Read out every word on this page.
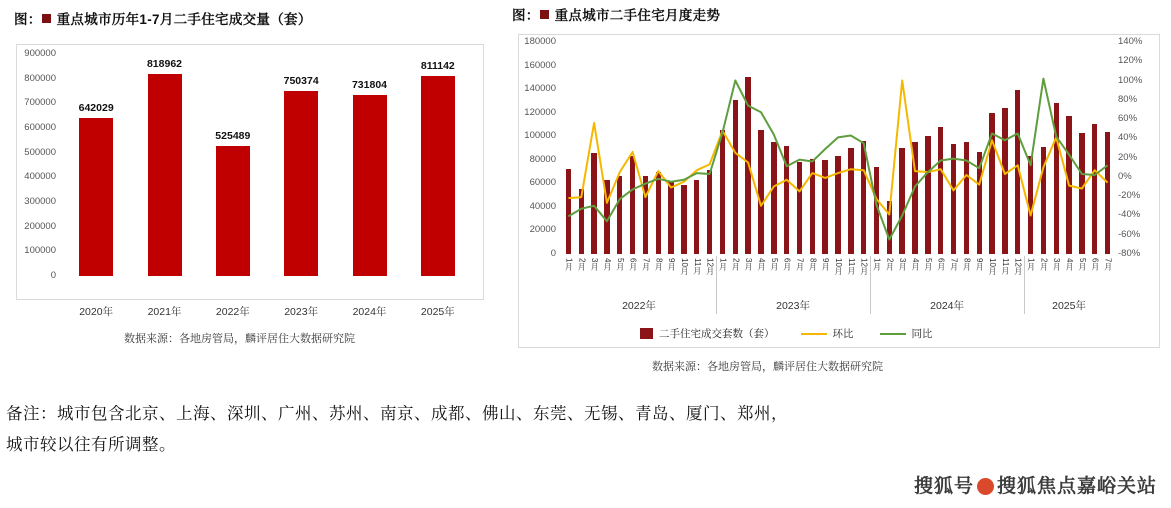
图： 重点城市历年1-7月二手住宅成交量（套）
0
100000
200000
300000
400000
500000
600000
700000
800000
900000
642029
2020年
818962
2021年
525489
2022年
750374
2023年
731804
2024年
811142
2025年
数据来源：各地房管局，麟评居住大数据研究院
图： 重点城市二手住宅月度走势
180000
160000
140000
120000
100000
80000
60000
40000
20000
0	-80%
-60%
-40%
-20%
0%
20%
40%
60%
80%
100%
120%
140%
1月 2月 3月 4月 5月 6月 7月 8月 9月 10月 11月 12月 1月 2月 3月 4月 5月 6月 7月 8月 9月 10月 11月 12月 1月 2月 3月 4月 5月 6月 7月 8月 9月 10月 11月 12月 1月 2月 3月 4月 5月 6月 7月
2022年	2023年	2024年	2025年
二手住宅成交套数（套）	环比	同比
数据来源：各地房管局，麟评居住大数据研究院
备注：城市包含北京、上海、深圳、广州、苏州、南京、成都、佛山、东莞、无锡、青岛、厦门、郑州，
城市较以往有所调整。
搜狐号 搜狐焦点嘉峪关站
